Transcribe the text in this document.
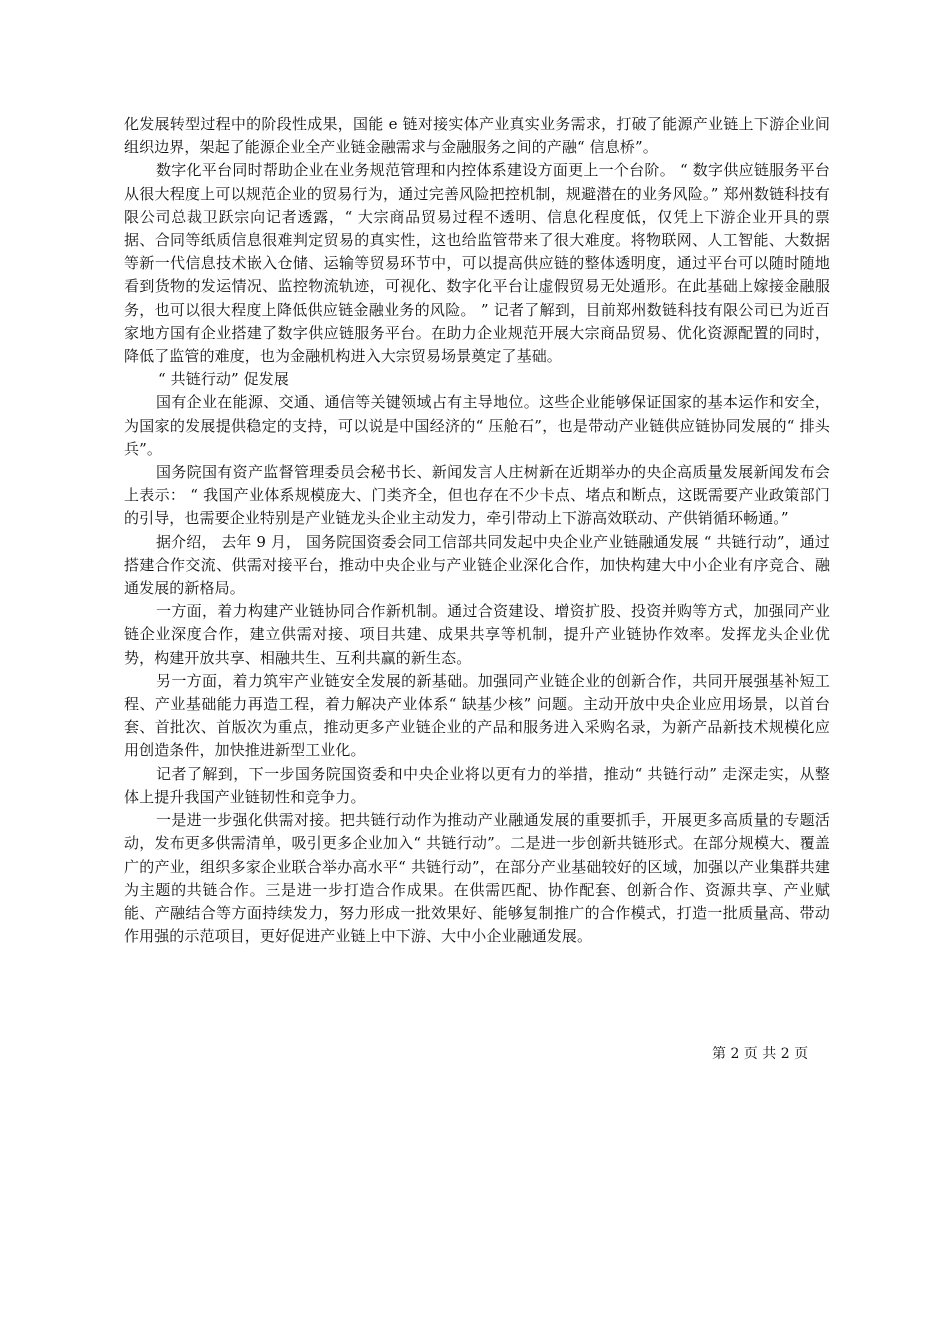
化发展转型过程中的阶段性成果，国能 e 链对接实体产业真实业务需求，打破了能源产业链上下游企业间组织边界，架起了能源企业全产业链金融需求与金融服务之间的产融“ 信息桥”。

数字化平台同时帮助企业在业务规范管理和内控体系建设方面更上一个台阶。 “ 数字供应链服务平台从很大程度上可以规范企业的贸易行为，通过完善风险把控机制，规避潜在的业务风险。” 郑州数链科技有限公司总裁卫跃宗向记者透露，“ 大宗商品贸易过程不透明、信息化程度低，仅凭上下游企业开具的票据、合同等纸质信息很难判定贸易的真实性，这也给监管带来了很大难度。将物联网、人工智能、大数据等新一代信息技术嵌入仓储、运输等贸易环节中，可以提高供应链的整体透明度，通过平台可以随时随地看到货物的发运情况、监控物流轨迹，可视化、数字化平台让虚假贸易无处遁形。在此基础上嫁接金融服务，也可以很大程度上降低供应链金融业务的风险。 ” 记者了解到，目前郑州数链科技有限公司已为近百家地方国有企业搭建了数字供应链服务平台。在助力企业规范开展大宗商品贸易、优化资源配置的同时，降低了监管的难度，也为金融机构进入大宗贸易场景奠定了基础。

“ 共链行动” 促发展

国有企业在能源、交通、通信等关键领域占有主导地位。这些企业能够保证国家的基本运作和安全，为国家的发展提供稳定的支持，可以说是中国经济的“ 压舱石”，也是带动产业链供应链协同发展的“ 排头兵”。

国务院国有资产监督管理委员会秘书长、新闻发言人庄树新在近期举办的央企高质量发展新闻发布会上表示： “ 我国产业体系规模庞大、门类齐全，但也存在不少卡点、堵点和断点，这既需要产业政策部门的引导，也需要企业特别是产业链龙头企业主动发力，牵引带动上下游高效联动、产供销循环畅通。”

据介绍， 去年 9 月， 国务院国资委会同工信部共同发起中央企业产业链融通发展 “ 共链行动”，通过搭建合作交流、供需对接平台，推动中央企业与产业链企业深化合作，加快构建大中小企业有序竞合、融通发展的新格局。

一方面，着力构建产业链协同合作新机制。通过合资建设、增资扩股、投资并购等方式，加强同产业链企业深度合作，建立供需对接、项目共建、成果共享等机制，提升产业链协作效率。发挥龙头企业优势，构建开放共享、相融共生、互利共赢的新生态。

另一方面，着力筑牢产业链安全发展的新基础。加强同产业链企业的创新合作，共同开展强基补短工程、产业基础能力再造工程，着力解决产业体系“ 缺基少核” 问题。主动开放中央企业应用场景，以首台套、首批次、首版次为重点，推动更多产业链企业的产品和服务进入采购名录，为新产品新技术规模化应用创造条件，加快推进新型工业化。

记者了解到，下一步国务院国资委和中央企业将以更有力的举措，推动“ 共链行动” 走深走实，从整体上提升我国产业链韧性和竞争力。

一是进一步强化供需对接。把共链行动作为推动产业融通发展的重要抓手，开展更多高质量的专题活动，发布更多供需清单，吸引更多企业加入“ 共链行动”。二是进一步创新共链形式。在部分规模大、覆盖广的产业，组织多家企业联合举办高水平“ 共链行动”，在部分产业基础较好的区域，加强以产业集群共建为主题的共链合作。三是进一步打造合作成果。在供需匹配、协作配套、创新合作、资源共享、产业赋能、产融结合等方面持续发力，努力形成一批效果好、能够复制推广的合作模式，打造一批质量高、带动作用强的示范项目，更好促进产业链上中下游、大中小企业融通发展。

第 2 页 共 2 页
